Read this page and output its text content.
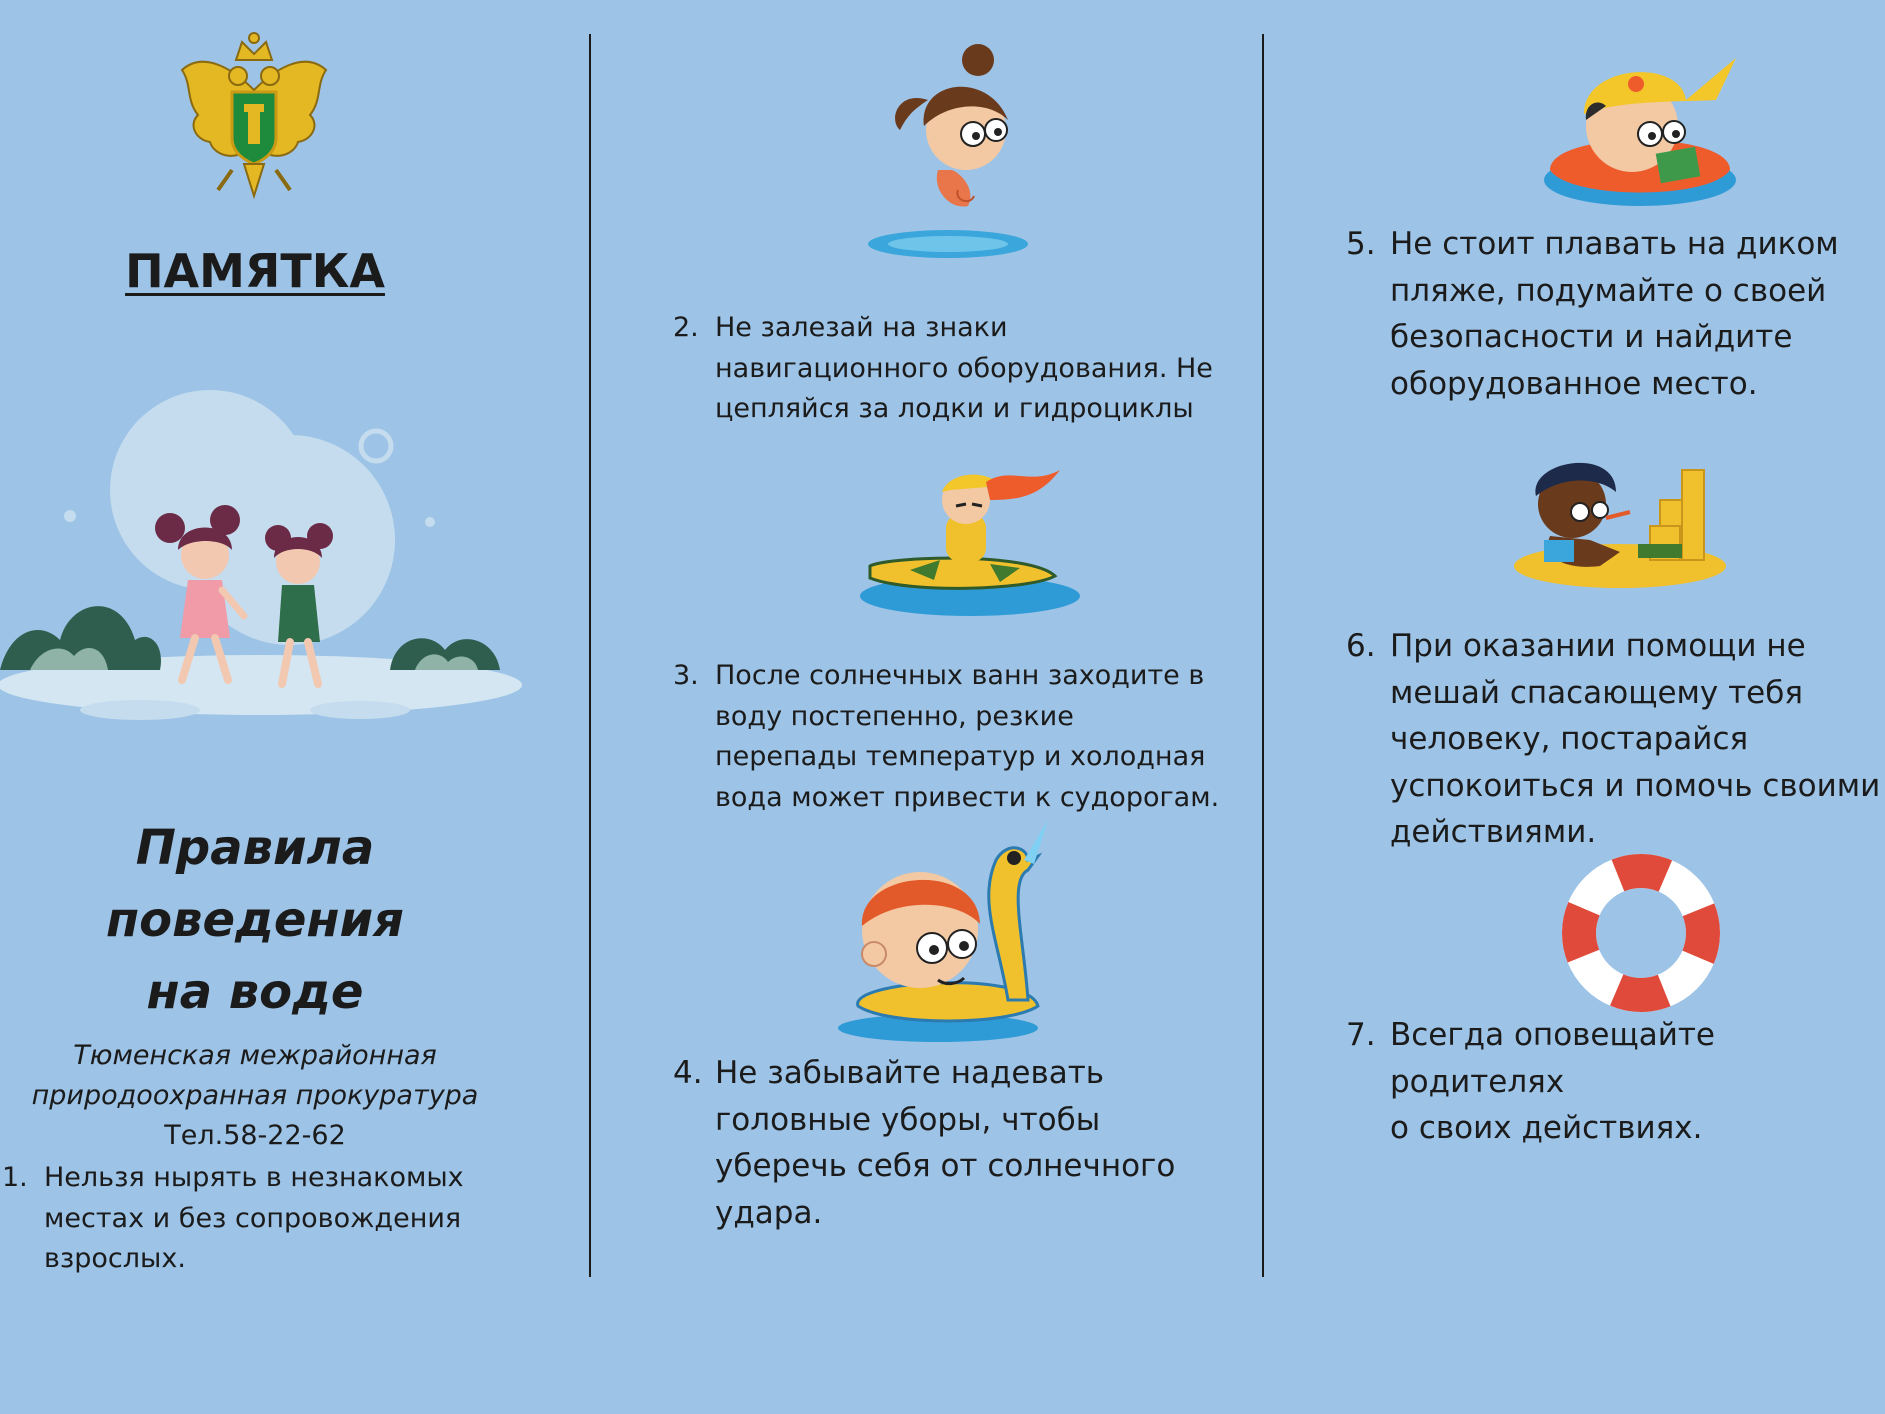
ПАМЯТКА
Правила поведения
на воде
Тюменская межрайонная
природоохранная прокуратура
Тел.58-22-62
1. Нельзя нырять в незнакомых
местах и без сопровождения
взрослых.
2. Не залезай на знаки
навигационного оборудования. Не
цепляйся за лодки и гидроциклы
3. После солнечных ванн заходите в
воду постепенно, резкие
перепады температур и холодная
вода может привести к судорогам.
4. Не забывайте надевать
головные уборы, чтобы
уберечь себя от солнечного
удара.
5. Не стоит плавать на диком
пляже, подумайте о своей
безопасности и найдите
оборудованное место.
6. При оказании помощи не
мешай спасающему тебя
человеку, постарайся
успокоиться и помочь своими
действиями.
7. Всегда оповещайте родителях
о своих действиях.
